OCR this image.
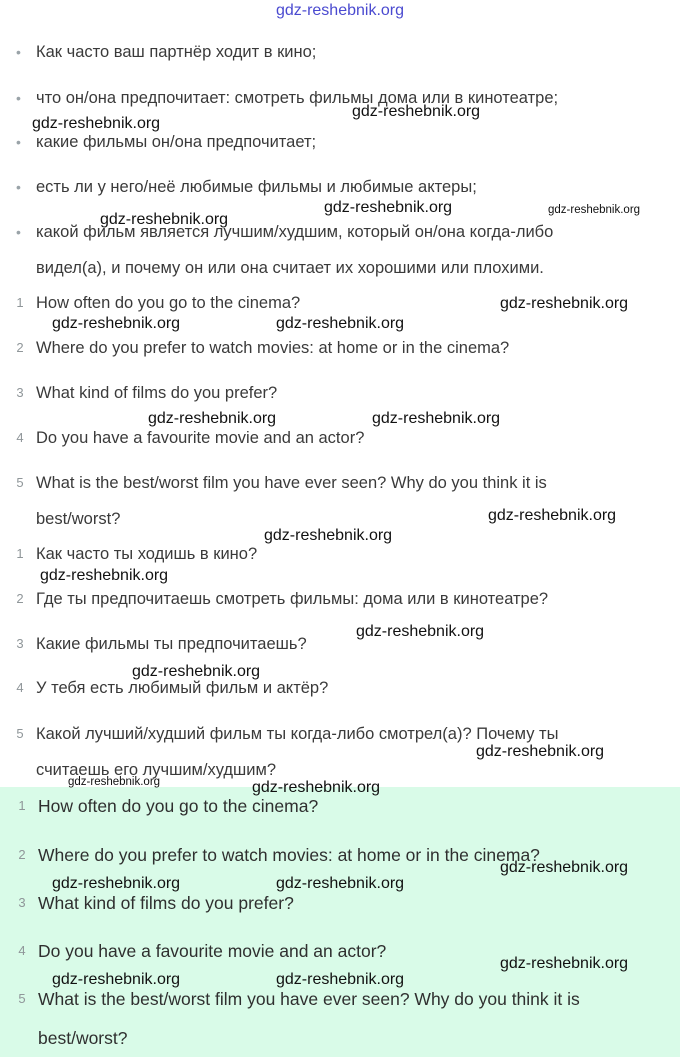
gdz-reshebnik.org
• Как часто ваш партнёр ходит в кино;
• что он/она предпочитает: смотреть фильмы дома или в кинотеатре;
• какие фильмы он/она предпочитает;
• есть ли у него/неё любимые фильмы и любимые актеры;
• какой фильм является лучшим/худшим, который он/она когда-либо
видел(а), и почему он или она считает их хорошими или плохими.
1 How often do you go to the cinema?
2 Where do you prefer to watch movies: at home or in the cinema?
3 What kind of films do you prefer?
4 Do you have a favourite movie and an actor?
5 What is the best/worst film you have ever seen? Why do you think it is
best/worst?
1 Как часто ты ходишь в кино?
2 Где ты предпочитаешь смотреть фильмы: дома или в кинотеатре?
3 Какие фильмы ты предпочитаешь?
4 У тебя есть любимый фильм и актёр?
5 Какой лучший/худший фильм ты когда-либо смотрел(а)? Почему ты
считаешь его лучшим/худшим?
1 How often do you go to the cinema?
2 Where do you prefer to watch movies: at home or in the cinema?
3 What kind of films do you prefer?
4 Do you have a favourite movie and an actor?
5 What is the best/worst film you have ever seen? Why do you think it is
best/worst?
gdz-reshebnik.org
gdz-reshebnik.org
gdz-reshebnik.org
gdz-reshebnik.org	gdz-reshebnik.org
gdz-reshebnik.org
gdz-reshebnik.org	gdz-reshebnik.org
gdz-reshebnik.org	gdz-reshebnik.org
gdz-reshebnik.org
gdz-reshebnik.org
gdz-reshebnik.org
gdz-reshebnik.org
gdz-reshebnik.org
gdz-reshebnik.org
gdz-reshebnik.org	gdz-reshebnik.org
gdz-reshebnik.org
gdz-reshebnik.org	gdz-reshebnik.org
gdz-reshebnik.org
gdz-reshebnik.org	gdz-reshebnik.org
